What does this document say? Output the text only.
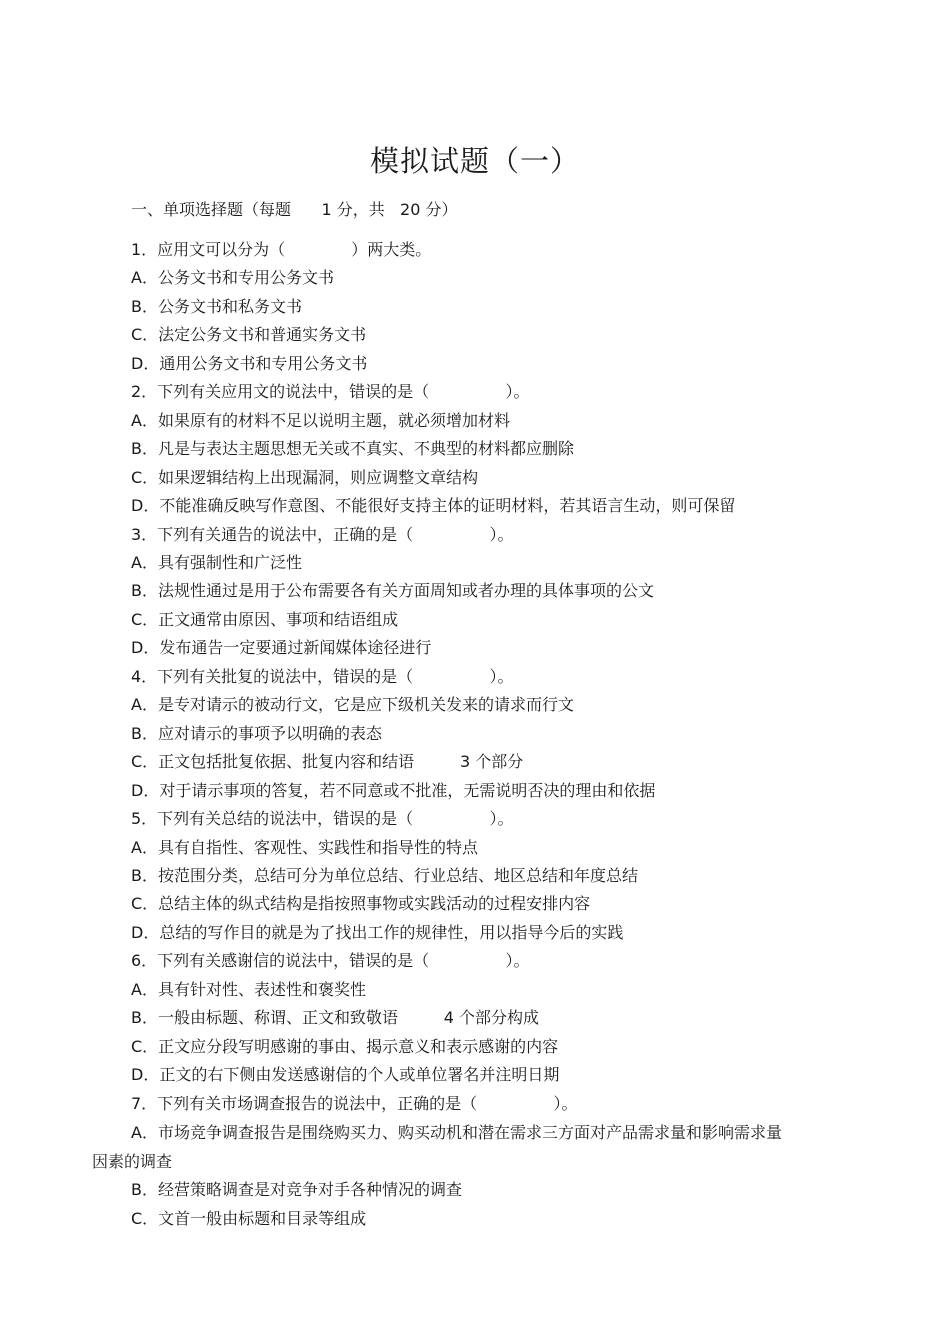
模拟试题（一）
一、单项选择题（每题      1 分，共   20 分）
1．应用文可以分为（             ）两大类。
A．公务文书和专用公务文书
B．公务文书和私务文书
C．法定公务文书和普通实务文书
D．通用公务文书和专用公务文书
2．下列有关应用文的说法中，错误的是（               ）。
A．如果原有的材料不足以说明主题，就必须增加材料
B．凡是与表达主题思想无关或不真实、不典型的材料都应删除
C．如果逻辑结构上出现漏洞，则应调整文章结构
D．不能准确反映写作意图、不能很好支持主体的证明材料，若其语言生动，则可保留
3．下列有关通告的说法中，正确的是（               ）。
A．具有强制性和广泛性
B．法规性通过是用于公布需要各有关方面周知或者办理的具体事项的公文
C．正文通常由原因、事项和结语组成
D．发布通告一定要通过新闻媒体途径进行
4．下列有关批复的说法中，错误的是（               ）。
A．是专对请示的被动行文，它是应下级机关发来的请求而行文
B．应对请示的事项予以明确的表态
C．正文包括批复依据、批复内容和结语         3 个部分
D．对于请示事项的答复，若不同意或不批准，无需说明否决的理由和依据
5．下列有关总结的说法中，错误的是（               ）。
A．具有自指性、客观性、实践性和指导性的特点
B．按范围分类，总结可分为单位总结、行业总结、地区总结和年度总结
C．总结主体的纵式结构是指按照事物或实践活动的过程安排内容
D．总结的写作目的就是为了找出工作的规律性，用以指导今后的实践
6．下列有关感谢信的说法中，错误的是（               ）。
A．具有针对性、表述性和褒奖性
B．一般由标题、称谓、正文和致敬语         4 个部分构成
C．正文应分段写明感谢的事由、揭示意义和表示感谢的内容
D．正文的右下侧由发送感谢信的个人或单位署名并注明日期
7．下列有关市场调查报告的说法中，正确的是（               ）。
A．市场竞争调查报告是围绕购买力、购买动机和潜在需求三方面对产品需求量和影响需求量因素的调查
B．经营策略调查是对竞争对手各种情况的调查
C．文首一般由标题和目录等组成
